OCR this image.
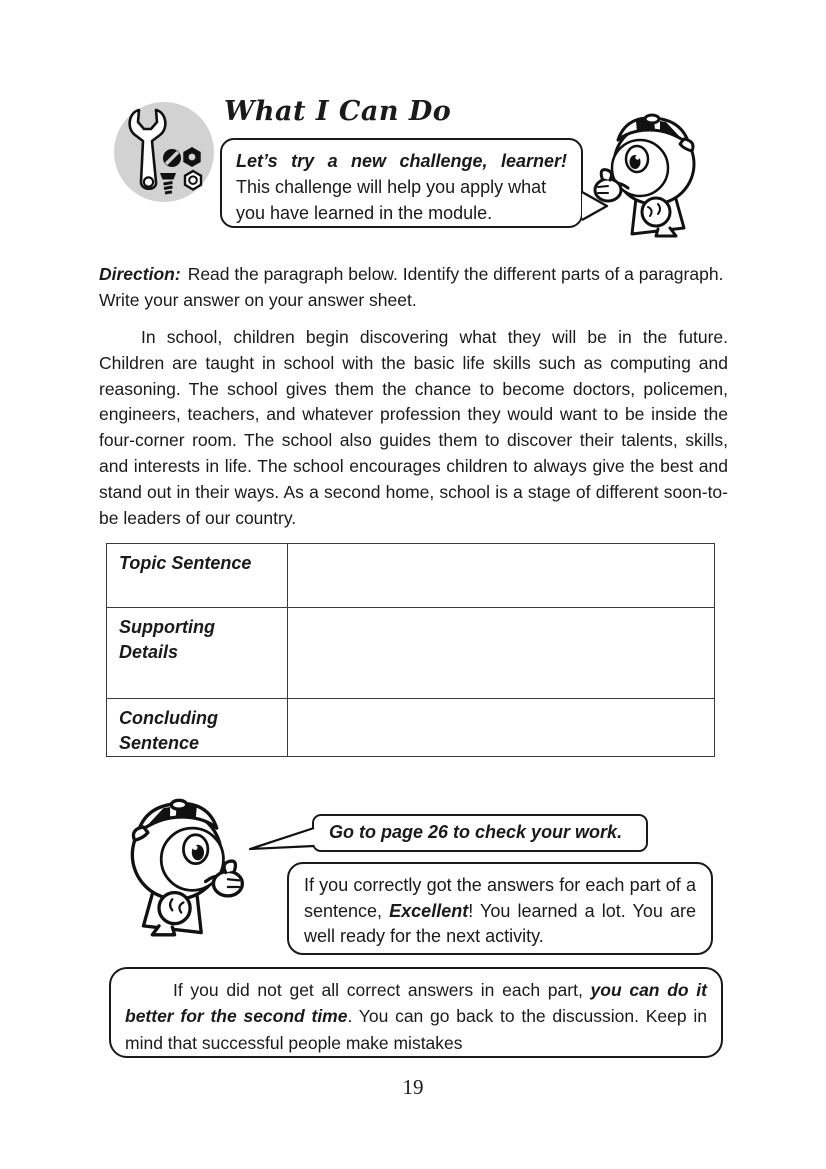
What I Can Do
Let’s try a new challenge, learner!
This challenge will help you apply what you have learned in the module.
Direction: Read the paragraph below. Identify the different parts of a paragraph. Write your answer on your answer sheet.
In school, children begin discovering what they will be in the future. Children are taught in school with the basic life skills such as computing and reasoning. The school gives them the chance to become doctors, policemen, engineers, teachers, and whatever profession they would want to be inside the four-corner room. The school also guides them to discover their talents, skills, and interests in life. The school encourages children to always give the best and stand out in their ways. As a second home, school is a stage of different soon-to-be leaders of our country.
Topic Sentence	
Supporting Details	
Concluding Sentence	
Go to page 26 to check your work.
If you correctly got the answers for each part of a sentence, Excellent! You learned a lot. You are well ready for the next activity.
If you did not get all correct answers in each part, you can do it better for the second time. You can go back to the discussion. Keep in mind that successful people make mistakes
19
